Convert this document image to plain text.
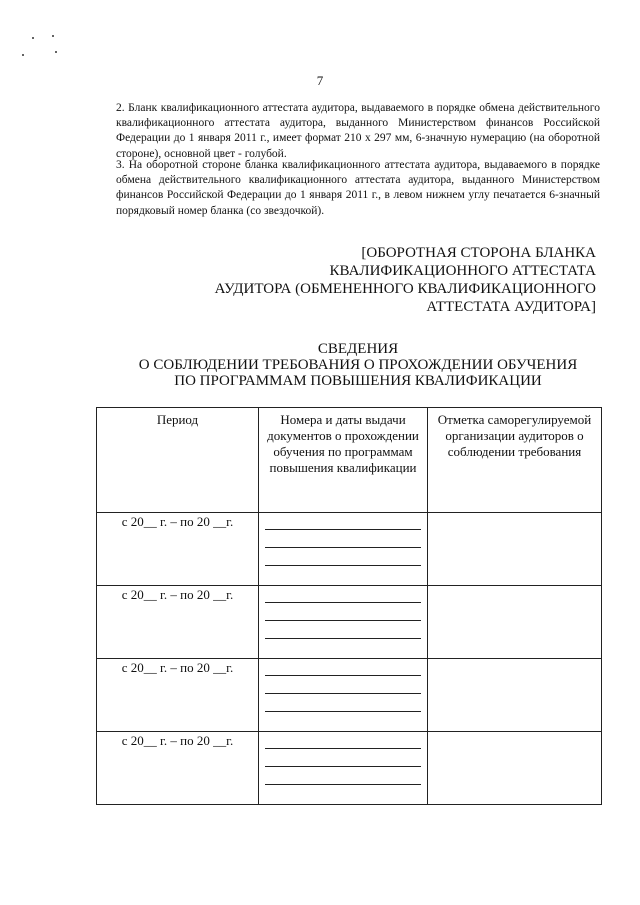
7

2. Бланк квалификационного аттестата аудитора, выдаваемого в порядке обмена действительного квалификационного аттестата аудитора, выданного Министерством финансов Российской Федерации до 1 января 2011 г., имеет формат 210 х 297 мм, 6-значную нумерацию (на оборотной стороне), основной цвет - голубой.

3. На оборотной стороне бланка квалификационного аттестата аудитора, выдаваемого в порядке обмена действительного квалификационного аттестата аудитора, выданного Министерством финансов Российской Федерации до 1 января 2011 г., в левом нижнем углу печатается 6-значный порядковый номер бланка (со звездочкой).

[ОБОРОТНАЯ СТОРОНА БЛАНКА
КВАЛИФИКАЦИОННОГО АТТЕСТАТА
АУДИТОРА (ОБМЕНЕННОГО КВАЛИФИКАЦИОННОГО
АТТЕСТАТА АУДИТОРА]
СВЕДЕНИЯ
О СОБЛЮДЕНИИ ТРЕБОВАНИЯ О ПРОХОЖДЕНИИ ОБУЧЕНИЯ
ПО ПРОГРАММАМ ПОВЫШЕНИЯ КВАЛИФИКАЦИИ
Период	Номера и даты выдачи документов о прохождении обучения по программам повышения квалификации	Отметка саморегулируемой организации аудиторов о соблюдении требования

с 20__ г. – по 20 __г.		

с 20__ г. – по 20 __г.		

с 20__ г. – по 20 __г.		

с 20__ г. – по 20 __г.		
